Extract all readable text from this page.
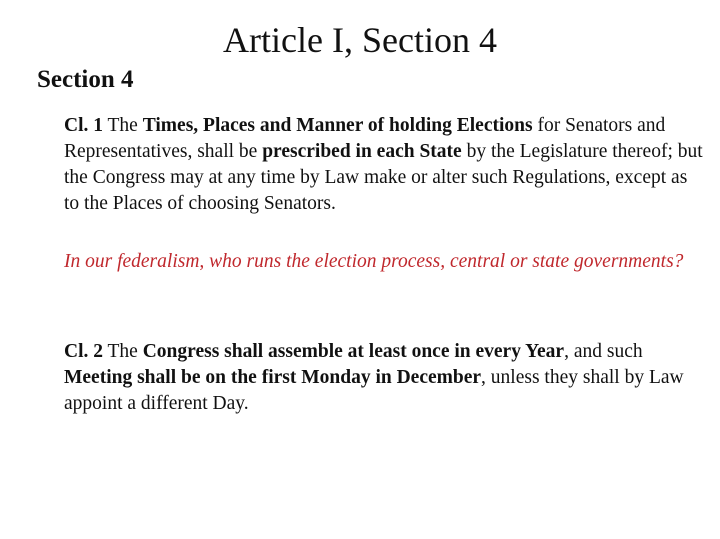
Article I, Section 4
Section 4

Cl. 1 The Times, Places and Manner of holding Elections for Senators and Representatives, shall be prescribed in each State by the Legislature thereof; but the Congress may at any time by Law make or alter such Regulations, except as to the Places of choosing Senators.

In our federalism, who runs the election process, central or state governments?

Cl. 2 The Congress shall assemble at least once in every Year, and such Meeting shall be on the first Monday in December, unless they shall by Law appoint a different Day.
